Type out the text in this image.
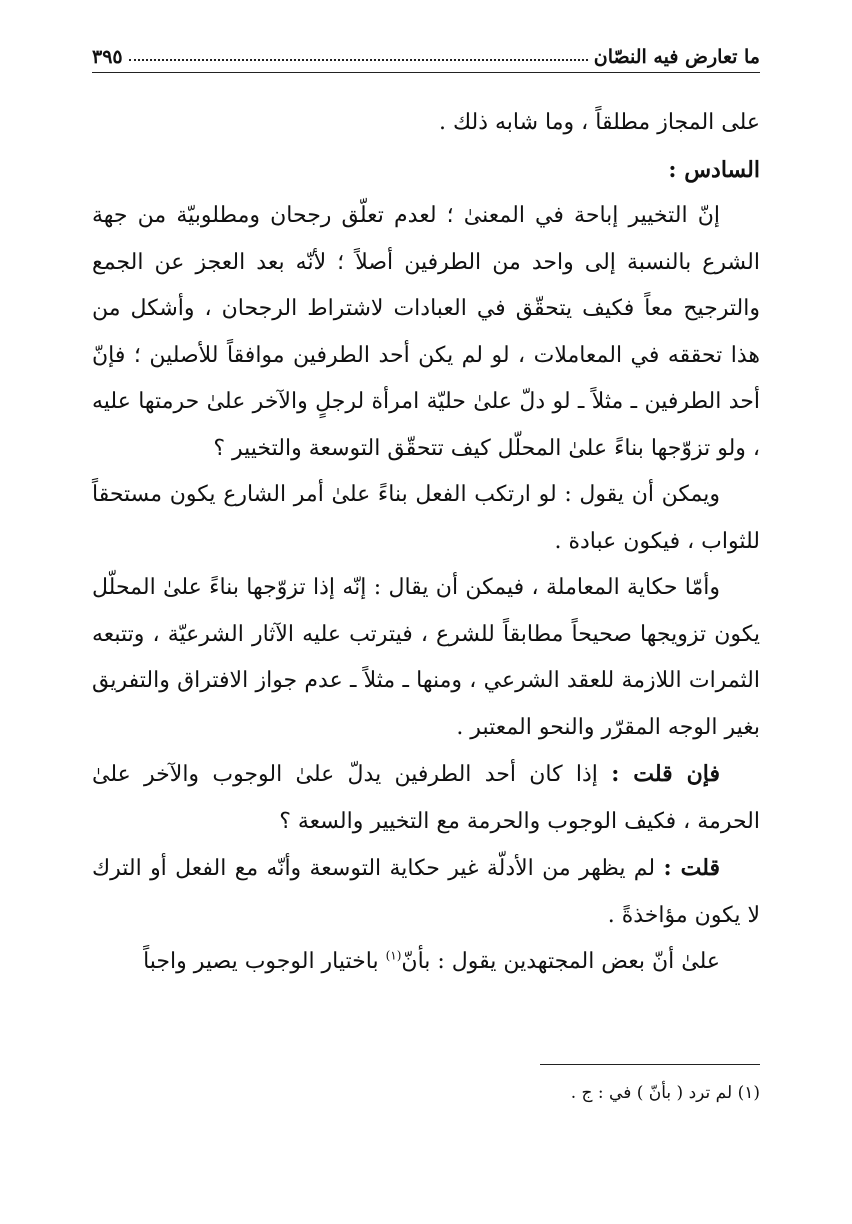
ما تعارض فيه النصّان
٣٩٥

على المجاز مطلقاً ، وما شابه ذلك .

السادس :

إنّ التخيير إباحة في المعنىٰ ؛ لعدم تعلّق رجحان ومطلوبيّة من جهة الشرع بالنسبة إلى واحد من الطرفين أصلاً ؛ لأنّه بعد العجز عن الجمع والترجيح معاً فكيف يتحقّق في العبادات لاشتراط الرجحان ، وأشكل من هذا تحققه في المعاملات ، لو لم يكن أحد الطرفين موافقاً للأصلين ؛ فإنّ أحد الطرفين ـ مثلاً ـ لو دلّ علىٰ حليّة امرأة لرجلٍ والآخر علىٰ حرمتها عليه ، ولو تزوّجها بناءً علىٰ المحلّل كيف تتحقّق التوسعة والتخيير ؟

ويمكن أن يقول : لو ارتكب الفعل بناءً علىٰ أمر الشارع يكون مستحقاً للثواب ، فيكون عبادة .

وأمّا حكاية المعاملة ، فيمكن أن يقال : إنّه إذا تزوّجها بناءً علىٰ المحلّل يكون تزويجها صحيحاً مطابقاً للشرع ، فيترتب عليه الآثار الشرعيّة ، وتتبعه الثمرات اللازمة للعقد الشرعي ، ومنها ـ مثلاً ـ عدم جواز الافتراق والتفريق بغير الوجه المقرّر والنحو المعتبر .

فإن قلت : إذا كان أحد الطرفين يدلّ علىٰ الوجوب والآخر علىٰ الحرمة ، فكيف الوجوب والحرمة مع التخيير والسعة ؟

قلت : لم يظهر من الأدلّة غير حكاية التوسعة وأنّه مع الفعل أو الترك لا يكون مؤاخذةً .

علىٰ أنّ بعض المجتهدين يقول : بأنّ$^{(١)}$ باختيار الوجوب يصير واجباً

(١) لم ترد ( بأنّ ) في : ج .
